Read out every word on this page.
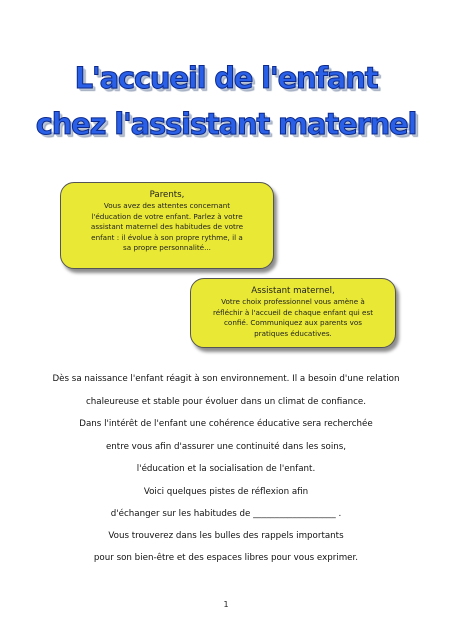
L'accueil de l'enfant
chez l'assistant maternel
Parents,

Vous avez des attentes concernant

l'éducation de votre enfant. Parlez à votre

assistant maternel des habitudes de votre

enfant : il évolue à son propre rythme, il a

sa propre personnalité...

Assistant maternel,

Votre choix professionnel vous amène à

réfléchir à l'accueil de chaque enfant qui est

confié. Communiquez aux parents vos

pratiques éducatives.

Dès sa naissance l'enfant réagit à son environnement. Il a besoin d'une relation
chaleureuse et stable pour évoluer dans un climat de confiance.
Dans l'intérêt de l'enfant une cohérence éducative sera recherchée
entre vous afin d'assurer une continuité dans les soins,
l'éducation et la socialisation de l'enfant.
Voici quelques pistes de réflexion afin
d'échanger sur les habitudes de ___________________ .
Vous trouverez dans les bulles des rappels importants
pour son bien-être et des espaces libres pour vous exprimer.
1
